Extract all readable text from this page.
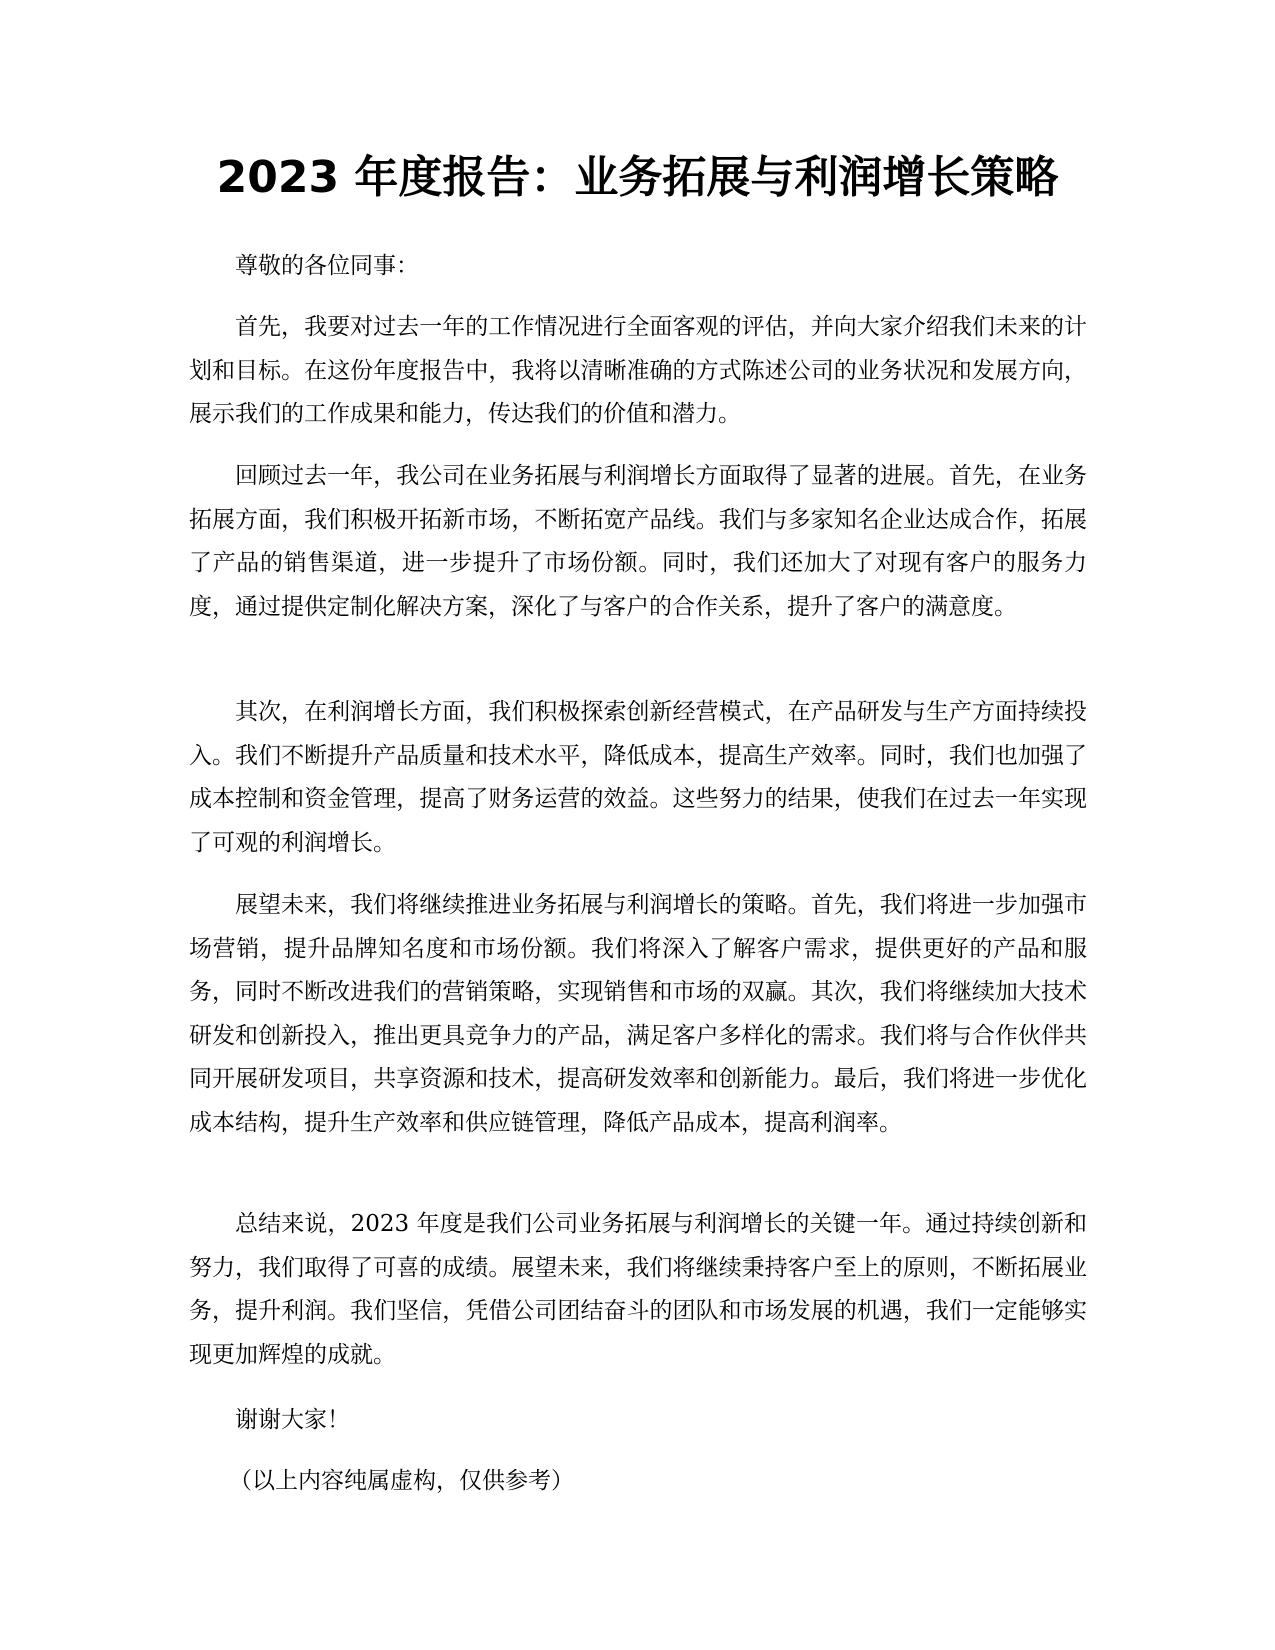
2023 年度报告：业务拓展与利润增长策略

尊敬的各位同事：

首先，我要对过去一年的工作情况进行全面客观的评估，并向大家介绍我们未来的计划和目标。在这份年度报告中，我将以清晰准确的方式陈述公司的业务状况和发展方向，展示我们的工作成果和能力，传达我们的价值和潜力。

回顾过去一年，我公司在业务拓展与利润增长方面取得了显著的进展。首先，在业务拓展方面，我们积极开拓新市场，不断拓宽产品线。我们与多家知名企业达成合作，拓展了产品的销售渠道，进一步提升了市场份额。同时，我们还加大了对现有客户的服务力度，通过提供定制化解决方案，深化了与客户的合作关系，提升了客户的满意度。

其次，在利润增长方面，我们积极探索创新经营模式，在产品研发与生产方面持续投入。我们不断提升产品质量和技术水平，降低成本，提高生产效率。同时，我们也加强了成本控制和资金管理，提高了财务运营的效益。这些努力的结果，使我们在过去一年实现了可观的利润增长。

展望未来，我们将继续推进业务拓展与利润增长的策略。首先，我们将进一步加强市场营销，提升品牌知名度和市场份额。我们将深入了解客户需求，提供更好的产品和服务，同时不断改进我们的营销策略，实现销售和市场的双赢。其次，我们将继续加大技术研发和创新投入，推出更具竞争力的产品，满足客户多样化的需求。我们将与合作伙伴共同开展研发项目，共享资源和技术，提高研发效率和创新能力。最后，我们将进一步优化成本结构，提升生产效率和供应链管理，降低产品成本，提高利润率。

总结来说，2023 年度是我们公司业务拓展与利润增长的关键一年。通过持续创新和努力，我们取得了可喜的成绩。展望未来，我们将继续秉持客户至上的原则，不断拓展业务，提升利润。我们坚信，凭借公司团结奋斗的团队和市场发展的机遇，我们一定能够实现更加辉煌的成就。

谢谢大家！

（以上内容纯属虚构，仅供参考）
